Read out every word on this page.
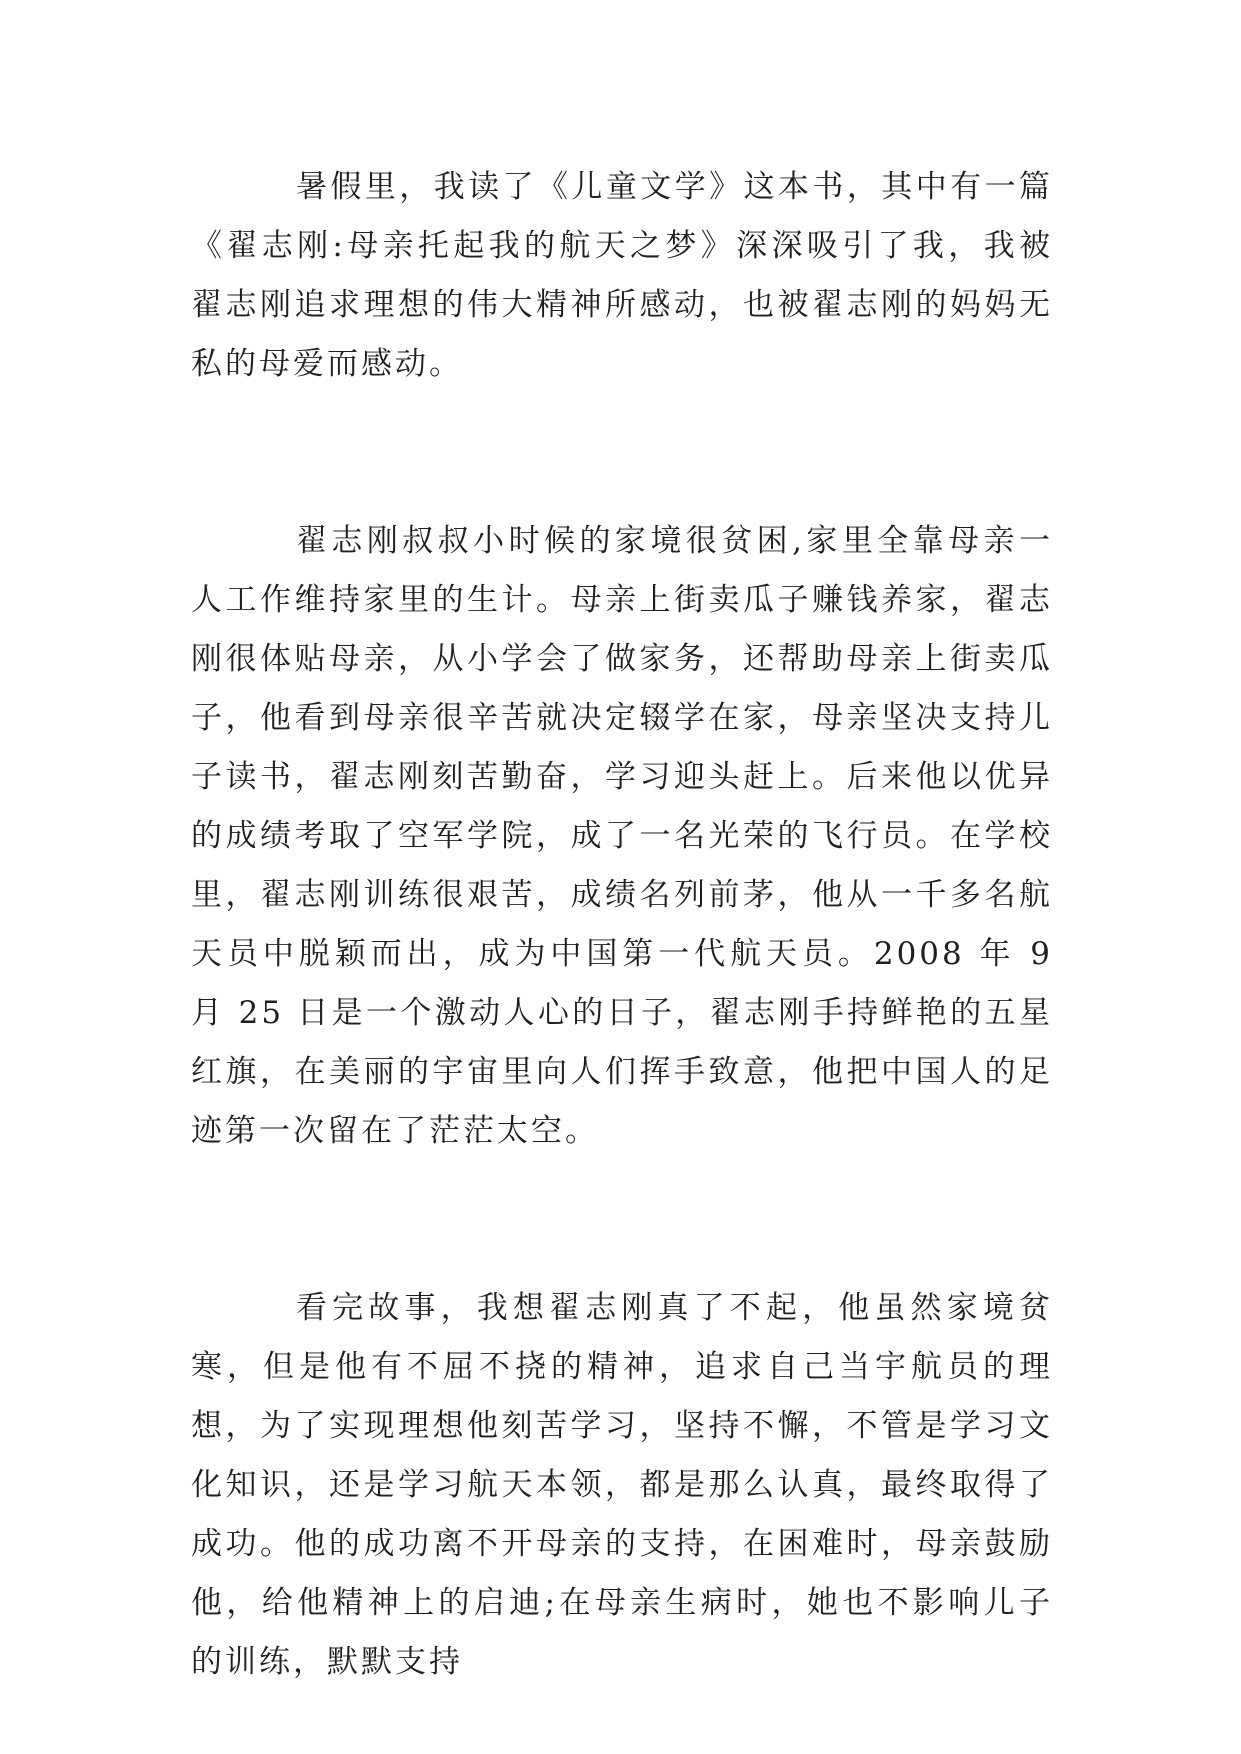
暑假里，我读了《儿童文学》这本书，其中有一篇《翟志刚:母亲托起我的航天之梦》深深吸引了我，我被翟志刚追求理想的伟大精神所感动，也被翟志刚的妈妈无私的母爱而感动。

翟志刚叔叔小时候的家境很贫困,家里全靠母亲一人工作维持家里的生计。母亲上街卖瓜子赚钱养家，翟志刚很体贴母亲，从小学会了做家务，还帮助母亲上街卖瓜子，他看到母亲很辛苦就决定辍学在家，母亲坚决支持儿子读书，翟志刚刻苦勤奋，学习迎头赶上。后来他以优异的成绩考取了空军学院，成了一名光荣的飞行员。在学校里，翟志刚训练很艰苦，成绩名列前茅，他从一千多名航天员中脱颖而出，成为中国第一代航天员。2008 年 9 月 25 日是一个激动人心的日子，翟志刚手持鲜艳的五星红旗，在美丽的宇宙里向人们挥手致意，他把中国人的足迹第一次留在了茫茫太空。

看完故事，我想翟志刚真了不起，他虽然家境贫寒，但是他有不屈不挠的精神，追求自己当宇航员的理想，为了实现理想他刻苦学习，坚持不懈，不管是学习文化知识，还是学习航天本领，都是那么认真，最终取得了成功。他的成功离不开母亲的支持，在困难时，母亲鼓励他，给他精神上的启迪;在母亲生病时，她也不影响儿子的训练，默默支持
